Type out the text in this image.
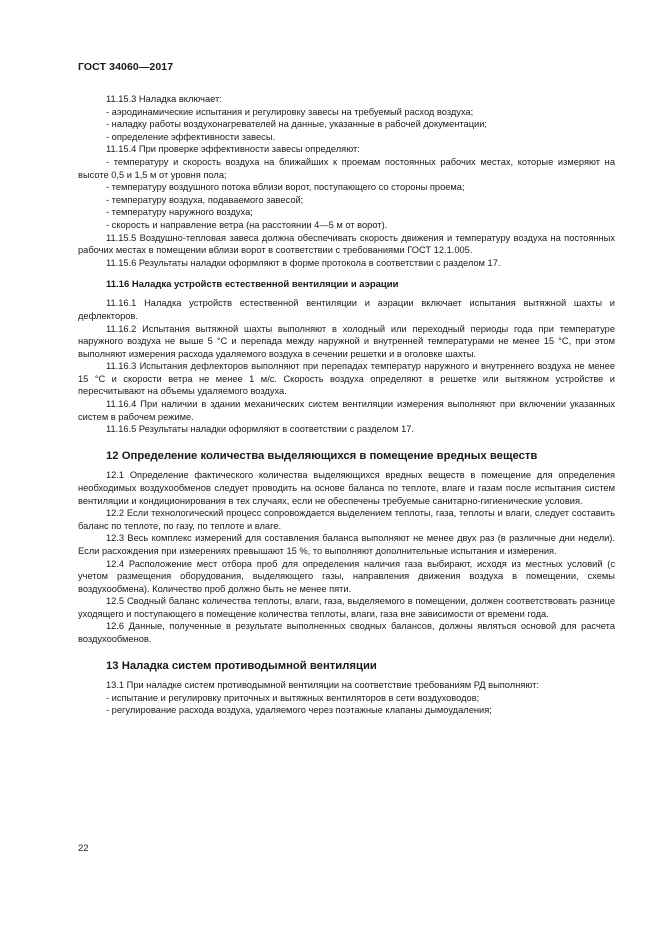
ГОСТ 34060—2017

11.15.3 Наладка включает:

- аэродинамические испытания и регулировку завесы на требуемый расход воздуха;

- наладку работы воздухонагревателей на данные, указанные в рабочей документации;

- определение эффективности завесы.

11.15.4 При проверке эффективности завесы определяют:

- температуру и скорость воздуха на ближайших к проемам постоянных рабочих местах, которые измеряют на высоте 0,5 и 1,5 м от уровня пола;

- температуру воздушного потока вблизи ворот, поступающего со стороны проема;

- температуру воздуха, подаваемого завесой;

- температуру наружного воздуха;

- скорость и направление ветра (на расстоянии 4—5 м от ворот).

11.15.5 Воздушно-тепловая завеса должна обеспечивать скорость движения и температуру воздуха на постоянных рабочих местах в помещении вблизи ворот в соответствии с требованиями ГОСТ 12.1.005.

11.15.6 Результаты наладки оформляют в форме протокола в соответствии с разделом 17.

11.16 Наладка устройств естественной вентиляции и аэрации

11.16.1 Наладка устройств естественной вентиляции и аэрации включает испытания вытяжной шахты и дефлекторов.

11.16.2 Испытания вытяжной шахты выполняют в холодный или переходный периоды года при температуре наружного воздуха не выше 5 °С и перепада между наружной и внутренней температурами не менее 15 °С, при этом выполняют измерения расхода удаляемого воздуха в сечении решетки и в оголовке шахты.

11.16.3 Испытания дефлекторов выполняют при перепадах температур наружного и внутреннего воздуха не менее 15 °С и скорости ветра не менее 1 м/с. Скорость воздуха определяют в решетке или вытяжном устройстве и пересчитывают на объемы удаляемого воздуха.

11.16.4 При наличии в здании механических систем вентиляции измерения выполняют при включении указанных систем в рабочем режиме.

11.16.5 Результаты наладки оформляют в соответствии с разделом 17.

12 Определение количества выделяющихся в помещение вредных веществ

12.1 Определение фактического количества выделяющихся вредных веществ в помещение для определения необходимых воздухообменов следует проводить на основе баланса по теплоте, влаге и газам после испытания систем вентиляции и кондиционирования в тех случаях, если не обеспечены требуемые санитарно-гигиенические условия.

12.2 Если технологический процесс сопровождается выделением теплоты, газа, теплоты и влаги, следует составить баланс по теплоте, по газу, по теплоте и влаге.

12.3 Весь комплекс измерений для составления баланса выполняют не менее двух раз (в различные дни недели). Если расхождения при измерениях превышают 15 %, то выполняют дополнительные испытания и измерения.

12.4 Расположение мест отбора проб для определения наличия газа выбирают, исходя из местных условий (с учетом размещения оборудования, выделяющего газы, направления движения воздуха в помещении, схемы воздухообмена). Количество проб должно быть не менее пяти.

12.5 Сводный баланс количества теплоты, влаги, газа, выделяемого в помещении, должен соответствовать разнице уходящего и поступающего в помещение количества теплоты, влаги, газа вне зависимости от времени года.

12.6 Данные, полученные в результате выполненных сводных балансов, должны являться основой для расчета воздухообменов.

13 Наладка систем противодымной вентиляции

13.1 При наладке систем противодымной вентиляции на соответствие требованиям РД выполняют:

- испытание и регулировку приточных и вытяжных вентиляторов в сети воздуховодов;

- регулирование расхода воздуха, удаляемого через поэтажные клапаны дымоудаления;

22
